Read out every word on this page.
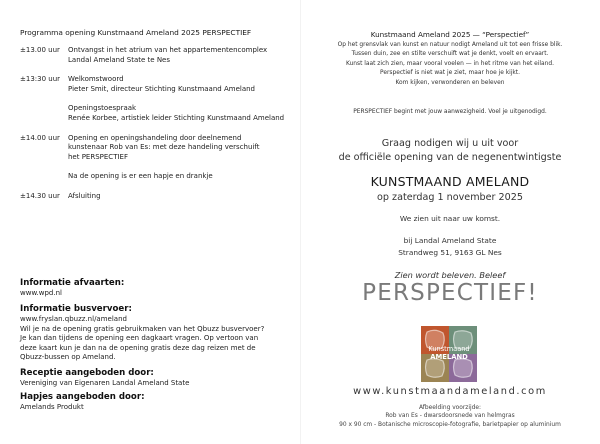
Programma opening Kunstmaand Ameland 2025 PERSPECTIEF
±13.00 uur	Ontvangst in het atrium van het appartementencomplex
Landal Ameland State te Nes
±13:30 uur	Welkomstwoord
Pieter Smit, directeur Stichting Kunstmaand Ameland
Openingstoespraak
Renée Korbee, artistiek leider Stichting Kunstmaand Ameland
±14.00 uur	Opening en openingshandeling door deelnemend
kunstenaar Rob van Es: met deze handeling verschuift
het PERSPECTIEF
Na de opening is er een hapje en drankje
±14.30 uur	Afsluiting
Informatie afvaarten:
www.wpd.nl
Informatie busvervoer:
www.fryslan.qbuzz.nl/ameland
Wil je na de opening gratis gebruikmaken van het Qbuzz busvervoer?
Je kan dan tijdens de opening een dagkaart vragen. Op vertoon van
deze kaart kun je dan na de opening gratis deze dag reizen met de
Qbuzz-bussen op Ameland.
Receptie aangeboden door:
Vereniging van Eigenaren Landal Ameland State
Hapjes aangeboden door:
Amelands Produkt
Kunstmaand Ameland 2025 — “Perspectief”
Op het grensvlak van kunst en natuur nodigt Ameland uit tot een frisse blik.
Tussen duin, zee en stilte verschuift wat je denkt, voelt en ervaart.
Kunst laat zich zien, maar vooral voelen — in het ritme van het eiland.
Perspectief is niet wat je ziet, maar hoe je kijkt.
Kom kijken, verwonderen en beleven
PERSPECTIEF begint met jouw aanwezigheid. Voel je uitgenodigd.
Graag nodigen wij u uit voor
de officiële opening van de negenentwintigste
KUNSTMAAND AMELAND
op zaterdag 1 november 2025
We zien uit naar uw komst.
bij Landal Ameland State
Strandweg 51, 9163 GL Nes
Zien wordt beleven. Beleef
PERSPECTIEF!
Kunstmaand
AMELAND
www.kunstmaandameland.com
Afbeelding voorzijde:
Rob van Es - dwarsdoorsnede van helmgras
90 x 90 cm - Botanische microscopie-fotografie, barietpapier op aluminium
